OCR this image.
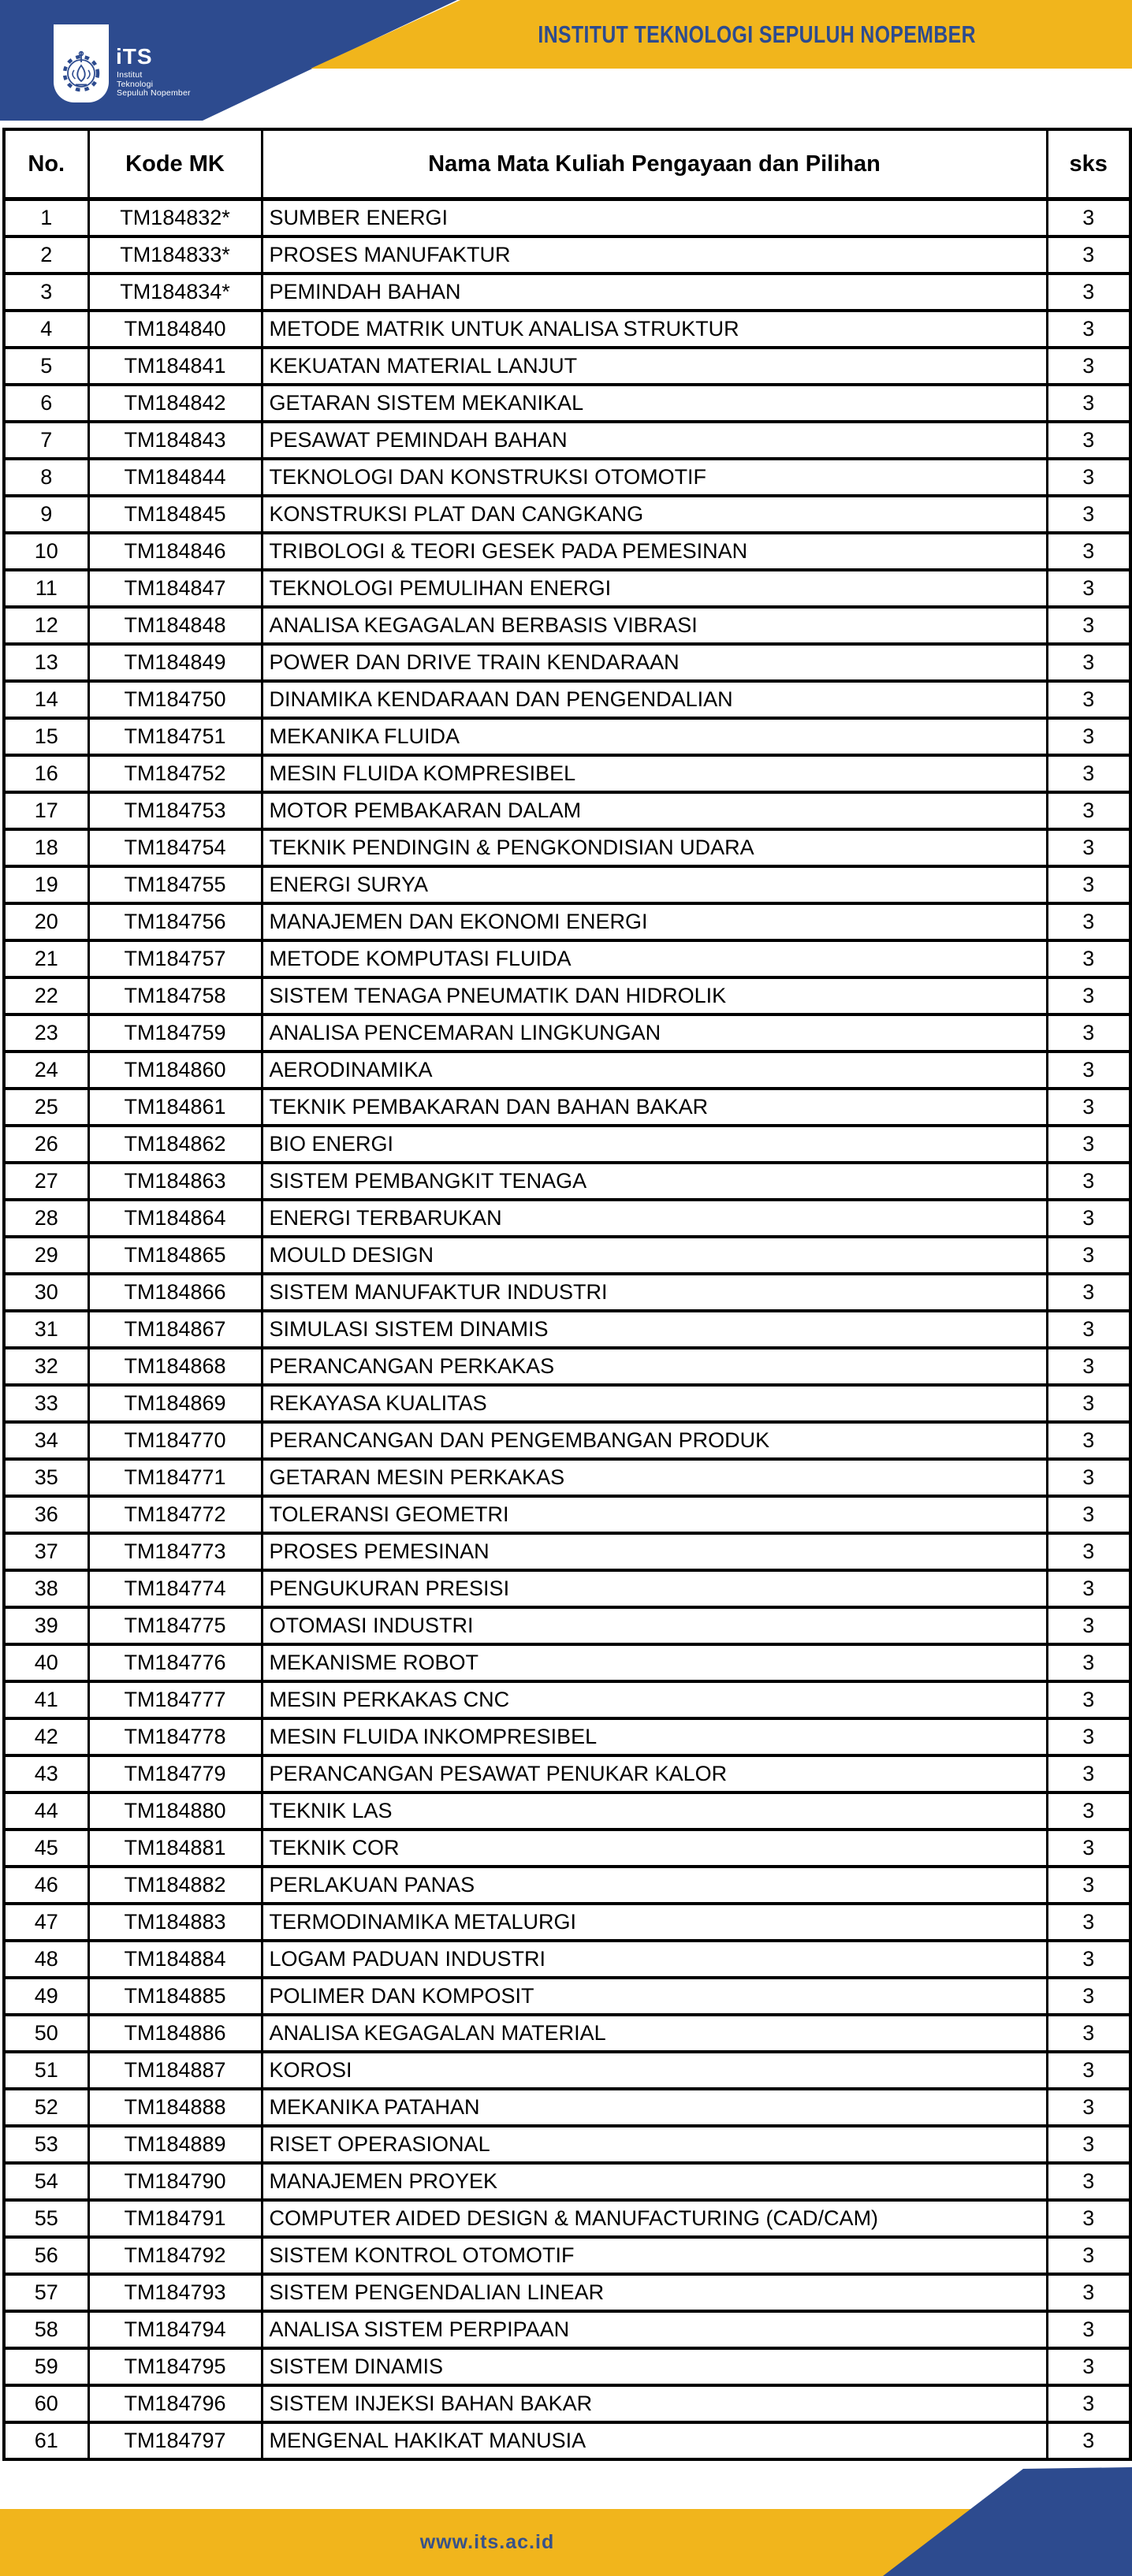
INSTITUT TEKNOLOGI SEPULUH NOPEMBER
iTS
Institut
Teknologi
Sepuluh Nopember
No.	Kode MK	Nama Mata Kuliah Pengayaan dan Pilihan	sks
1	TM184832*	SUMBER ENERGI	3
2	TM184833*	PROSES MANUFAKTUR	3
3	TM184834*	PEMINDAH BAHAN	3
4	TM184840	METODE MATRIK UNTUK ANALISA STRUKTUR	3
5	TM184841	KEKUATAN MATERIAL LANJUT	3
6	TM184842	GETARAN SISTEM MEKANIKAL	3
7	TM184843	PESAWAT PEMINDAH BAHAN	3
8	TM184844	TEKNOLOGI DAN KONSTRUKSI OTOMOTIF	3
9	TM184845	KONSTRUKSI PLAT DAN CANGKANG	3
10	TM184846	TRIBOLOGI & TEORI GESEK PADA PEMESINAN	3
11	TM184847	TEKNOLOGI PEMULIHAN ENERGI	3
12	TM184848	ANALISA KEGAGALAN BERBASIS VIBRASI	3
13	TM184849	POWER DAN DRIVE TRAIN KENDARAAN	3
14	TM184750	DINAMIKA KENDARAAN DAN PENGENDALIAN	3
15	TM184751	MEKANIKA FLUIDA	3
16	TM184752	MESIN FLUIDA KOMPRESIBEL	3
17	TM184753	MOTOR PEMBAKARAN DALAM	3
18	TM184754	TEKNIK PENDINGIN & PENGKONDISIAN UDARA	3
19	TM184755	ENERGI SURYA	3
20	TM184756	MANAJEMEN DAN EKONOMI ENERGI	3
21	TM184757	METODE KOMPUTASI FLUIDA	3
22	TM184758	SISTEM TENAGA PNEUMATIK DAN HIDROLIK	3
23	TM184759	ANALISA PENCEMARAN LINGKUNGAN	3
24	TM184860	AERODINAMIKA	3
25	TM184861	TEKNIK PEMBAKARAN DAN BAHAN BAKAR	3
26	TM184862	BIO ENERGI	3
27	TM184863	SISTEM PEMBANGKIT TENAGA	3
28	TM184864	ENERGI TERBARUKAN	3
29	TM184865	MOULD DESIGN	3
30	TM184866	SISTEM MANUFAKTUR INDUSTRI	3
31	TM184867	SIMULASI SISTEM DINAMIS	3
32	TM184868	PERANCANGAN PERKAKAS	3
33	TM184869	REKAYASA KUALITAS	3
34	TM184770	PERANCANGAN DAN PENGEMBANGAN PRODUK	3
35	TM184771	GETARAN MESIN PERKAKAS	3
36	TM184772	TOLERANSI GEOMETRI	3
37	TM184773	PROSES PEMESINAN	3
38	TM184774	PENGUKURAN PRESISI	3
39	TM184775	OTOMASI INDUSTRI	3
40	TM184776	MEKANISME ROBOT	3
41	TM184777	MESIN PERKAKAS CNC	3
42	TM184778	MESIN FLUIDA INKOMPRESIBEL	3
43	TM184779	PERANCANGAN PESAWAT PENUKAR KALOR	3
44	TM184880	TEKNIK LAS	3
45	TM184881	TEKNIK COR	3
46	TM184882	PERLAKUAN PANAS	3
47	TM184883	TERMODINAMIKA METALURGI	3
48	TM184884	LOGAM PADUAN INDUSTRI	3
49	TM184885	POLIMER DAN KOMPOSIT	3
50	TM184886	ANALISA KEGAGALAN MATERIAL	3
51	TM184887	KOROSI	3
52	TM184888	MEKANIKA PATAHAN	3
53	TM184889	RISET OPERASIONAL	3
54	TM184790	MANAJEMEN PROYEK	3
55	TM184791	COMPUTER AIDED DESIGN & MANUFACTURING (CAD/CAM)	3
56	TM184792	SISTEM KONTROL OTOMOTIF	3
57	TM184793	SISTEM PENGENDALIAN LINEAR	3
58	TM184794	ANALISA SISTEM PERPIPAAN	3
59	TM184795	SISTEM DINAMIS	3
60	TM184796	SISTEM INJEKSI BAHAN BAKAR	3
61	TM184797	MENGENAL HAKIKAT MANUSIA	3
www.its.ac.id
